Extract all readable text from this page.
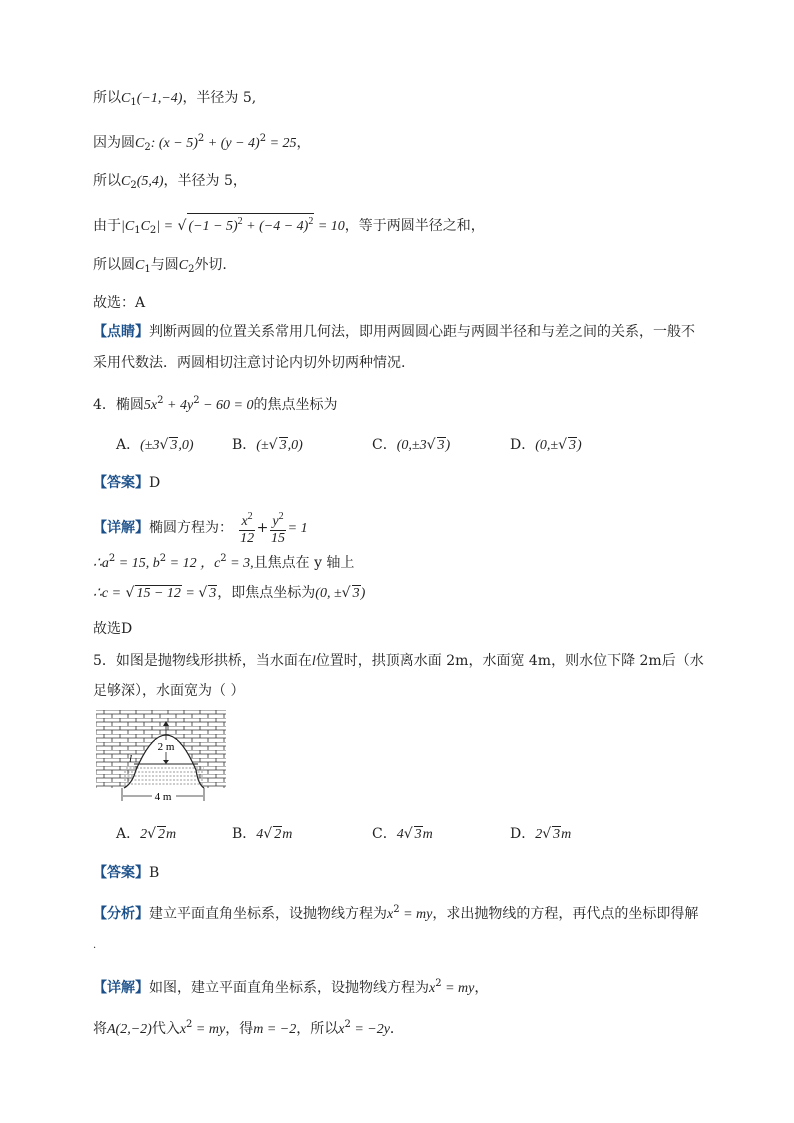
所以$C_1(-1,-4)$，半径为 5,
因为圆$C_2$: $(x - 5)^2 + (y - 4)^2 = 25$，
所以$C_2(5,4)$，半径为 5，
由于$|C_1C_2|$ = √ $(-1 - 5)^2 + (-4 - 4)^2 = 10$，等于两圆半径之和，
所以圆$C_1$与圆$C_2$外切.
故选：A
【点睛】判断两圆的位置关系常用几何法，即用两圆圆心距与两圆半径和与差之间的关系，一般不
采用代数法．两圆相切注意讨论内切外切两种情况.
4．椭圆$5x^2 + 4y^2 - 60 = 0$的焦点坐标为
A．(±3√ 3,0)	B．(±√ 3,0)	C．(0,±3√ 3)	D．(0,±√ 3)
【答案】D
【详解】椭圆方程为： $\frac{x^2}{12} + \frac{y^2}{15} = 1$
$\therefore a^2 = 15$, $b^2 = 12$ ，$c^2 = 3$,且焦点在 y 轴上
∴c = √ 15 − 12 = √ 3，即焦点坐标为(0, ±√ 3)
故选D
5．如图是抛物线形拱桥，当水面在l位置时，拱顶离水面 2m，水面宽 4m，则水位下降 2m后（水
足够深），水面宽为（ ）
2 m
l
4 m
A．2√ 2m	B．4√ 2m	C．4√ 3m	D．2√ 3m
【答案】B
【分析】建立平面直角坐标系，设抛物线方程为$x^2$ = my，求出抛物线的方程，再代点的坐标即得解
.
【详解】如图，建立平面直角坐标系，设抛物线方程为$x^2$ = my，
将A(2,−2)代入$x^2$ = my，得m = −2，所以$x^2 = -2y$．
